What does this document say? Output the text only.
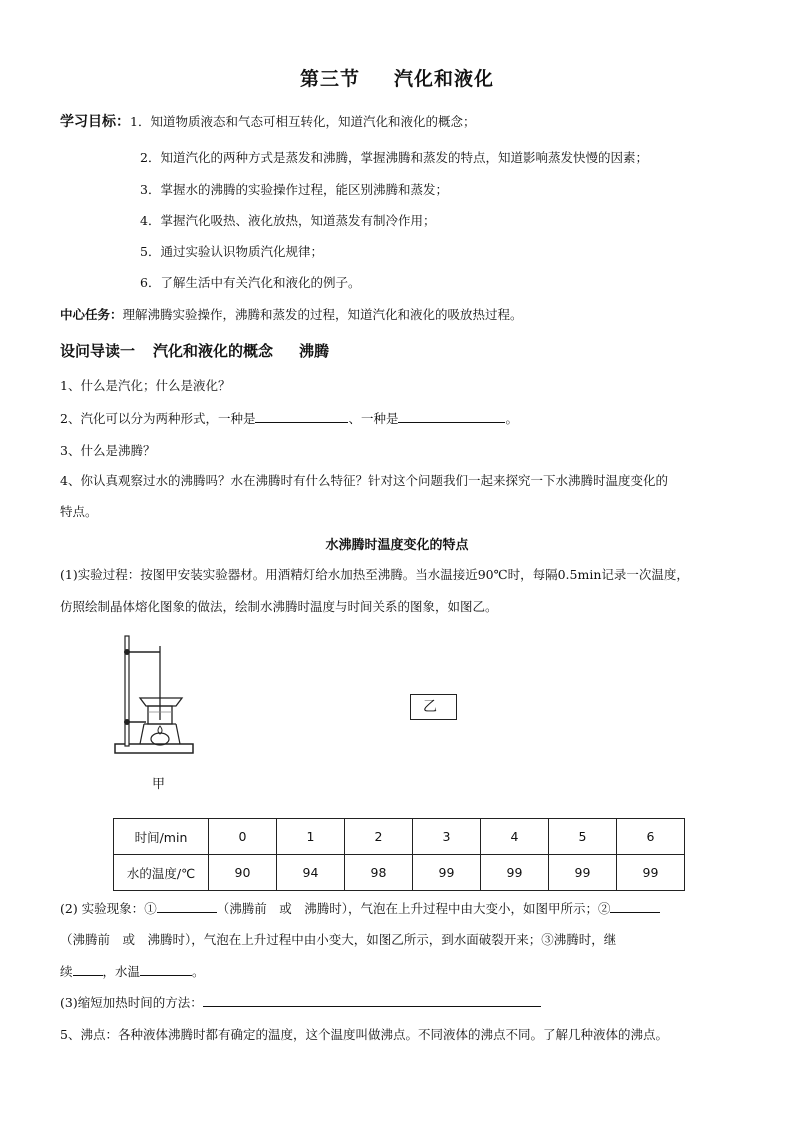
第三节 汽化和液化
学习目标：1．知道物质液态和气态可相互转化，知道汽化和液化的概念；
2．知道汽化的两种方式是蒸发和沸腾，掌握沸腾和蒸发的特点，知道影响蒸发快慢的因素；
3．掌握水的沸腾的实验操作过程，能区别沸腾和蒸发；
4．掌握汽化吸热、液化放热，知道蒸发有制冷作用；
5．通过实验认识物质汽化规律；
6．了解生活中有关汽化和液化的例子。
中心任务：理解沸腾实验操作，沸腾和蒸发的过程，知道汽化和液化的吸放热过程。
设问导读一 汽化和液化的概念 沸腾
1、什么是汽化；什么是液化？
2、汽化可以分为两种形式，一种是	、一种是	。
3、什么是沸腾？
4、你认真观察过水的沸腾吗？水在沸腾时有什么特征？针对这个问题我们一起来探究一下水沸腾时温度变化的
特点。
水沸腾时温度变化的特点
(1)实验过程：按图甲安装实验器材。用酒精灯给水加热至沸腾。当水温接近90℃时，每隔0.5min记录一次温度，
仿照绘制晶体熔化图象的做法，绘制水沸腾时温度与时间关系的图象，如图乙。
甲
乙
时间/min	0	1	2	3	4	5	6
水的温度/℃	90	94	98	99	99	99	99
(2) 实验现象：①	（沸腾前　或　沸腾时），气泡在上升过程中由大变小，如图甲所示；②
（沸腾前　或　沸腾时），气泡在上升过程中由小变大，如图乙所示，到水面破裂开来；③沸腾时，继
续 ，水温	。
(3)缩短加热时间的方法：
5、沸点：各种液体沸腾时都有确定的温度，这个温度叫做沸点。不同液体的沸点不同。了解几种液体的沸点。
